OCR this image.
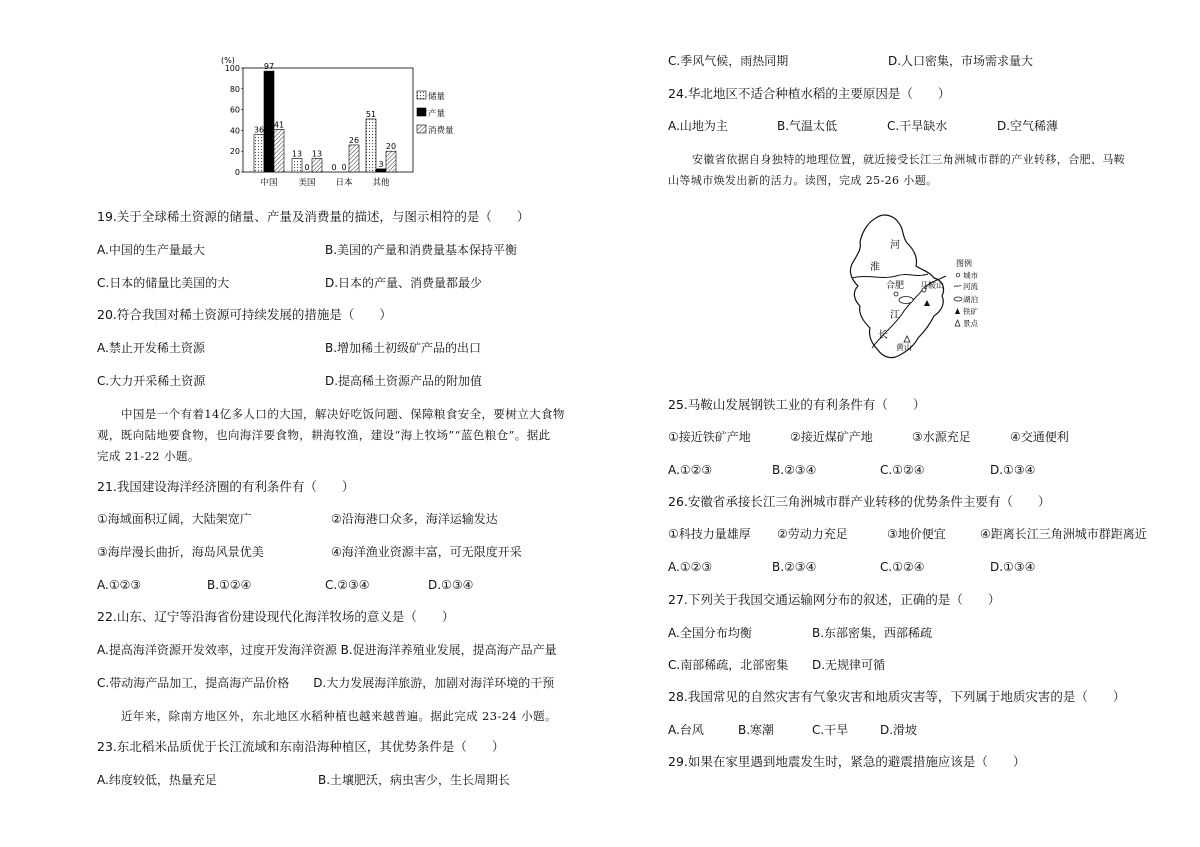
(%)
0
20
40
60
80
100
36
97
41
13
0
13
0 0
26
51
3
20
中国 美国 日本 其他
储量
产量
消费量
19.关于全球稀土资源的储量、产量及消费量的描述，与图示相符的是（　　）
A.中国的生产量最大	B.美国的产量和消费量基本保持平衡
C.日本的储量比美国的大	D.日本的产量、消费量都最少
20.符合我国对稀土资源可持续发展的措施是（　　）
A.禁止开发稀土资源	B.增加稀土初级矿产品的出口
C.大力开采稀土资源	D.提高稀土资源产品的附加值
中国是一个有着14亿多人口的大国，解决好吃饭问题、保障粮食安全，要树立大食物
观，既向陆地要食物，也向海洋要食物，耕海牧渔，建设“海上牧场”“蓝色粮仓”。据此
完成 21-22 小题。
21.我国建设海洋经济圈的有利条件有（　　）
①海域面积辽阔，大陆架宽广	②沿海港口众多，海洋运输发达
③海岸漫长曲折，海岛风景优美	④海洋渔业资源丰富，可无限度开采
A.①②③	B.①②④	C.②③④	D.①③④
22.山东、辽宁等沿海省份建设现代化海洋牧场的意义是（　　）
A.提高海洋资源开发效率，过度开发海洋资源 B.促进海洋养殖业发展，提高海产品产量
C.带动海产品加工，提高海产品价格　　D.大力发展海洋旅游，加剧对海洋环境的干预
近年来，除南方地区外，东北地区水稻种植也越来越普遍。据此完成 23-24 小题。
23.东北稻米品质优于长江流域和东南沿海种植区，其优势条件是（　　）
A.纬度较低，热量充足	B.土壤肥沃，病虫害少，生长周期长
C.季风气候，雨热同期	D.人口密集，市场需求量大
24.华北地区不适合种植水稻的主要原因是（　　）
A.山地为主	B.气温太低	C.干旱缺水	D.空气稀薄
安徽省依据自身独特的地理位置，就近接受长江三角洲城市群的产业转移，合肥、马鞍
山等城市焕发出新的活力。读图，完成 25-26 小题。
河
淮
合肥 马鞍山
江
长
黄山
图例
城市
河流
湖泊
铁矿
景点
25.马鞍山发展钢铁工业的有利条件有（　　）
①接近铁矿产地	②接近煤矿产地	③水源充足	④交通便利
A.①②③	B.②③④	C.①②④	D.①③④
26.安徽省承接长江三角洲城市群产业转移的优势条件主要有（　　）
①科技力量雄厚 ②劳动力充足	③地价便宜	④距离长江三角洲城市群距离近
A.①②③	B.②③④	C.①②④	D.①③④
27.下列关于我国交通运输网分布的叙述，正确的是（　　）
A.全国分布均衡	B.东部密集，西部稀疏
C.南部稀疏，北部密集 D.无规律可循
28.我国常见的自然灾害有气象灾害和地质灾害等，下列属于地质灾害的是（　　）
A.台风	B.寒潮	C.干旱	D.滑坡
29.如果在家里遇到地震发生时，紧急的避震措施应该是（　　）
